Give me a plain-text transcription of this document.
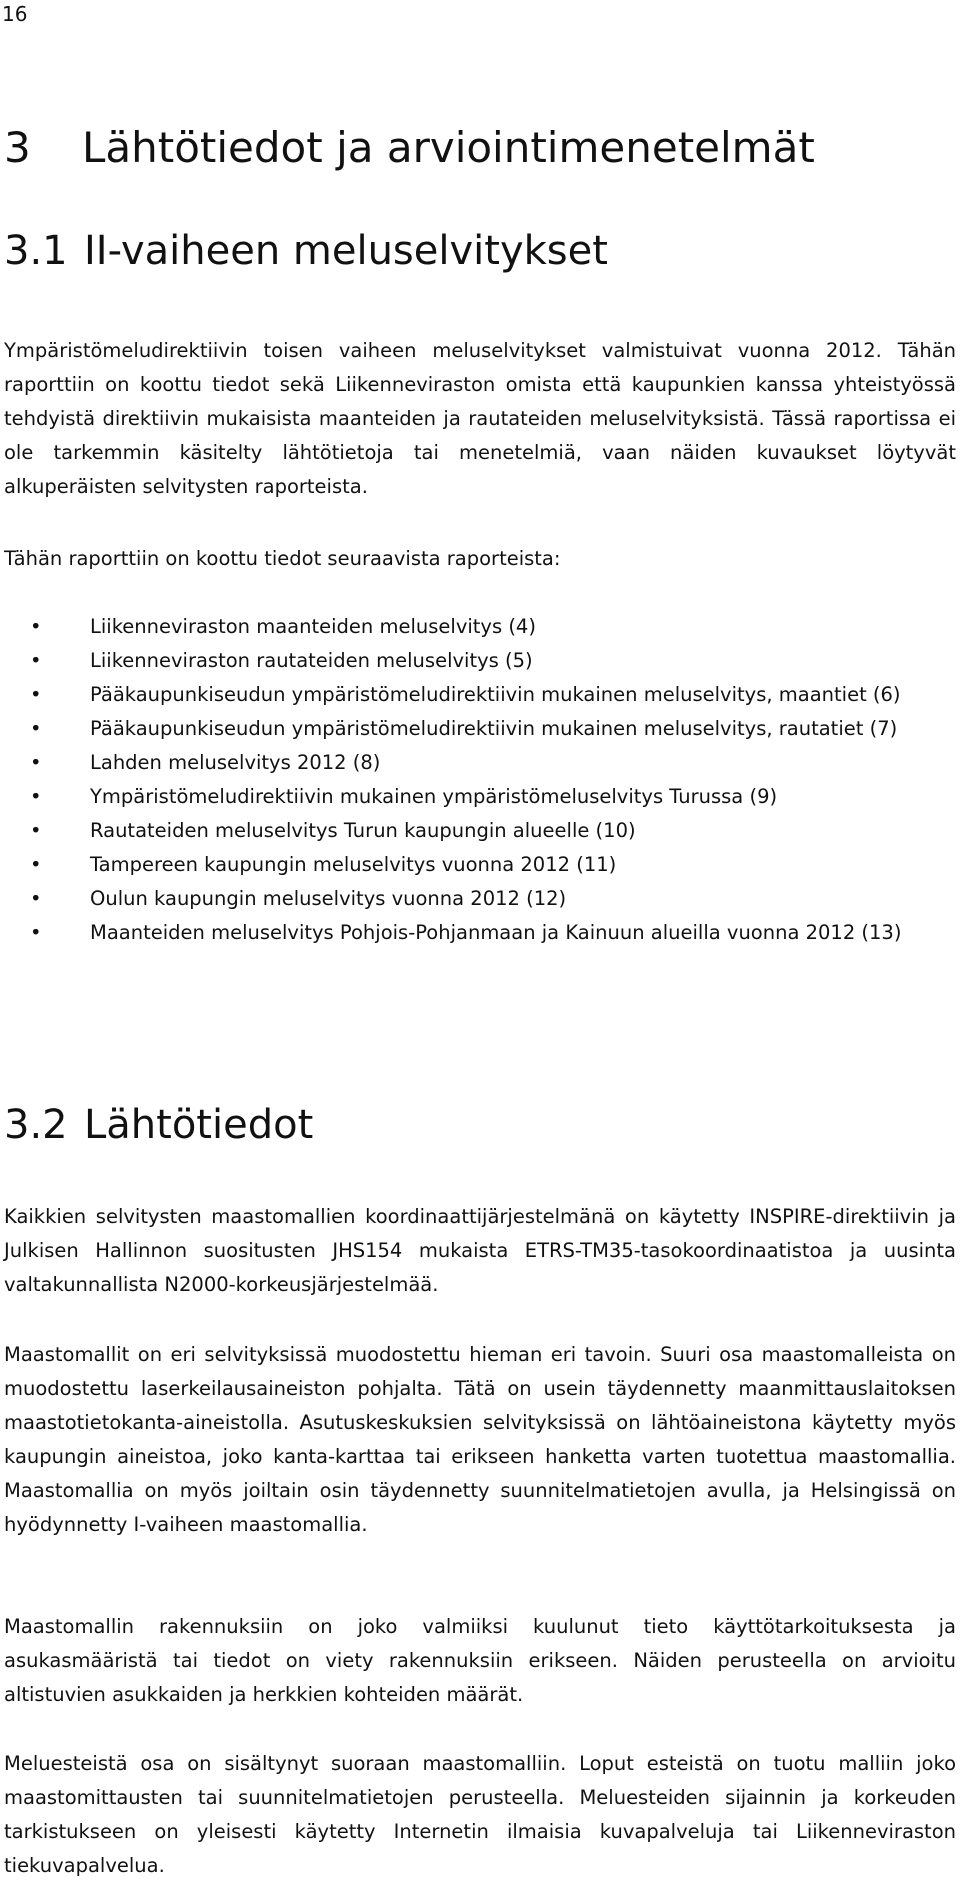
16
3 Lähtötiedot ja arviointimenetelmät
3.1 II-vaiheen meluselvitykset

Ympäristömeludirektiivin toisen vaiheen meluselvitykset valmistuivat vuonna 2012. Tähän raporttiin on koottu tiedot sekä Liikenneviraston omista että kaupunkien kanssa yhteistyössä tehdyistä direktiivin mukaisista maanteiden ja rautateiden meluselvityksistä. Tässä raportissa ei ole tarkemmin käsitelty lähtötietoja tai menetelmiä, vaan näiden kuvaukset löytyvät alkuperäisten selvitysten raporteista.

Tähän raporttiin on koottu tiedot seuraavista raporteista:

• Liikenneviraston maanteiden meluselvitys (4)
• Liikenneviraston rautateiden meluselvitys (5)
• Pääkaupunkiseudun ympäristömeludirektiivin mukainen meluselvitys, maantiet (6)
• Pääkaupunkiseudun ympäristömeludirektiivin mukainen meluselvitys, rautatiet (7)
• Lahden meluselvitys 2012 (8)
• Ympäristömeludirektiivin mukainen ympäristömeluselvitys Turussa (9)
• Rautateiden meluselvitys Turun kaupungin alueelle (10)
• Tampereen kaupungin meluselvitys vuonna 2012 (11)
• Oulun kaupungin meluselvitys vuonna 2012 (12)
• Maanteiden meluselvitys Pohjois-Pohjanmaan ja Kainuun alueilla vuonna 2012 (13)
3.2 Lähtötiedot

Kaikkien selvitysten maastomallien koordinaattijärjestelmänä on käytetty INSPIRE-direktiivin ja Julkisen Hallinnon suositusten JHS154 mukaista ETRS-TM35-tasokoordinaatistoa ja uusinta valtakunnallista N2000-korkeusjärjestelmää.

Maastomallit on eri selvityksissä muodostettu hieman eri tavoin. Suuri osa maastomalleista on muodostettu laserkeilausaineiston pohjalta. Tätä on usein täydennetty maanmittauslaitoksen maastotietokanta-aineistolla. Asutuskeskuksien selvityksissä on lähtöaineistona käytetty myös kaupungin aineistoa, joko kanta-karttaa tai erikseen hanketta varten tuotettua maastomallia. Maastomallia on myös joiltain osin täydennetty suunnitelmatietojen avulla, ja Helsingissä on hyödynnetty I-vaiheen maastomallia.

Maastomallin rakennuksiin on joko valmiiksi kuulunut tieto käyttötarkoituksesta ja asukasmääristä tai tiedot on viety rakennuksiin erikseen. Näiden perusteella on arvioitu altistuvien asukkaiden ja herkkien kohteiden määrät.

Meluesteistä osa on sisältynyt suoraan maastomalliin. Loput esteistä on tuotu malliin joko maastomittausten tai suunnitelmatietojen perusteella. Meluesteiden sijainnin ja korkeuden tarkistukseen on yleisesti käytetty Internetin ilmaisia kuvapalveluja tai Liikenneviraston tiekuvapalvelua.
